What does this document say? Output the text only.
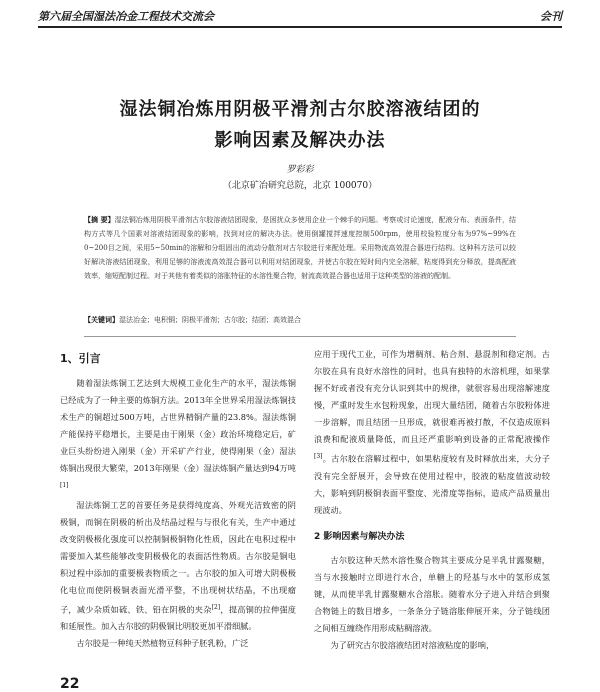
第六届全国湿法冶金工程技术交流会	会刊
湿法铜冶炼用阴极平滑剂古尔胶溶液结团的
影响因素及解决办法
罗彩彩
（北京矿冶研究总院，北京 100070）
【摘 要】湿法铜冶炼用阴极平滑剂古尔胶溶液结团现象，是困扰众多使用企业一个棘手的问题。考察或讨论速度，配液分布、表面条件，结构方式等几个国素对溶液结团现象的影响，找到对应的解决办法。使用倒罐搅拌速度控制500rpm，使用校验粒度分布为97%~99%在0~200目之间，采用5~50min的溶解和分组固出的流动分散剂对古尔胶进行来配处理。采用物流高效混合器进行结构。这种科方法可以较好解决溶液结团现象，利用足够的溶液流高效混合器可以利用对结团现象，并使古尔胶在短时间内完全溶解，粘度得到充分释放，提高配液效率，缩短配制过程。对于其他有着类似的溶胀特征的水溶性聚合物，射流高效混合器也适用于这种类型的溶液的配制。
【关键词】湿法冶金；电积铜；阴极平滑剂；古尔胶；结团；高效混合
1、引言

随着湿法炼铜工艺达到大规模工业化生产的水平，湿法炼铜已经成为了一种主要的炼铜方法。2013年全世界采用湿法炼铜技术生产的铜超过500万吨，占世界精铜产量的23.8%。湿法炼铜产能保持平稳增长，主要是由于刚果（金）政治环境稳定后，矿业巨头纷纷进入刚果（金）开采矿产行业，使得刚果（金）湿法炼铜出现很大繁荣，2013年刚果（金）湿法炼铜产量达到94万吨[1]

湿法炼铜工艺的首要任务是获得纯度高、外观光洁致密的阴极铜，而铜在阴极的析出及结晶过程与与很化有关，生产中通过改变阴极极化强度可以控制铜极铜物化性质，因此在电积过程中需要加入某些能够改变阴极极化的表面活性物质。古尔胶是铜电积过程中添加的重要极表物质之一。古尔胶的加入可增大阴极极化电位而使阴极铜表面光滑平整，不出现树状结晶，不出现瘤子，减少杂质如硫、铁、铅在阴极的夹杂[2]，提高铜的拉伸强度和延展性。加入古尔胶的阴极铜比明胶更加平滑细腻。

古尔胶是一种纯天然植物豆科种子胚乳粉，广泛

应用于现代工业，可作为增稠剂、粘合剂、悬混剂和稳定剂。古尔胶在具有良好水溶性的同时，也具有独特的水溶机理，如果掌握不好或者没有充分认识到其中的规律，就很容易出现溶解速度慢，严重时发生水包粉现象，出现大量结团，随着古尔胶粉体进一步溶解，而且结团一旦形成，就很难再被打散，不仅造成原料浪费和配液质量降低，而且还严重影响到设备的正常配液操作[3]。古尔胶在溶解过程中，如果粘度较有及时释放出来，大分子没有完全舒展开，会导致在使用过程中，胶液的粘度值波动较大，影响到阴极铜表面平整度、光滑度等指标，造成产品质量出现波动。

2 影响因素与解决办法

古尔胶这种天然水溶性聚合物其主要成分是半乳甘露聚糖，当与水接触时立即进行水合，单糖上的羟基与水中的氢形成氢键，从而使半乳甘露聚糖水合溶胀。随着水分子进入并结合到聚合物链上的数目增多，一条条分子链溶胀伸展开来，分子链线团之间相互缠绕作用形成粘稠溶液。

为了研究古尔胶溶液结团对溶液粘度的影响，

22
